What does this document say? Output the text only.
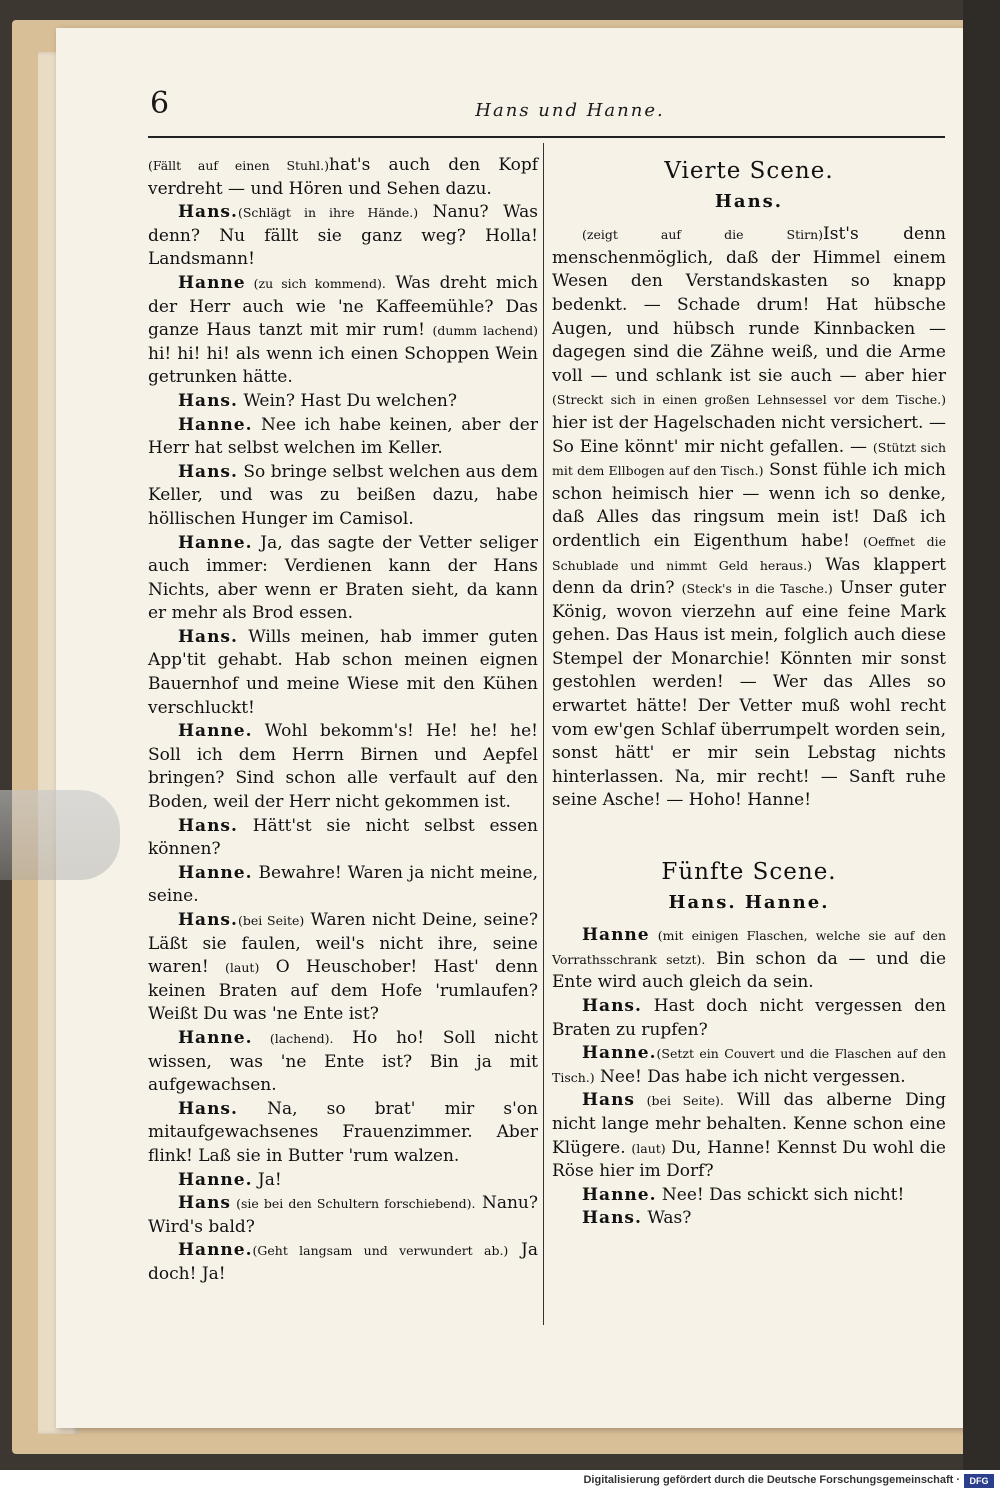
6	Hans und Hanne.

(Fällt auf einen Stuhl.)hat's auch den Kopf verdreht — und Hören und Sehen dazu.

Hans.(Schlägt in ihre Hände.) Nanu? Was denn? Nu fällt sie ganz weg? Holla! Landsmann!

Hanne (zu sich kommend). Was dreht mich der Herr auch wie 'ne Kaffeemühle? Das ganze Haus tanzt mit mir rum! (dumm lachend) hi! hi! hi! als wenn ich einen Schoppen Wein getrunken hätte.

Hans. Wein? Hast Du welchen?

Hanne. Nee ich habe keinen, aber der Herr hat selbst welchen im Keller.

Hans. So bringe selbst welchen aus dem Keller, und was zu beißen dazu, habe höllischen Hunger im Camisol.

Hanne. Ja, das sagte der Vetter seliger auch immer: Verdienen kann der Hans Nichts, aber wenn er Braten sieht, da kann er mehr als Brod essen.

Hans. Wills meinen, hab immer guten App'tit gehabt. Hab schon meinen eignen Bauernhof und meine Wiese mit den Kühen verschluckt!

Hanne. Wohl bekomm's! He! he! he! Soll ich dem Herrn Birnen und Aepfel bringen? Sind schon alle verfault auf den Boden, weil der Herr nicht gekommen ist.

Hans. Hätt'st sie nicht selbst essen können?

Hanne. Bewahre! Waren ja nicht meine, seine.

Hans.(bei Seite) Waren nicht Deine, seine? Läßt sie faulen, weil's nicht ihre, seine waren! (laut) O Heuschober! Hast' denn keinen Braten auf dem Hofe 'rumlaufen? Weißt Du was 'ne Ente ist?

Hanne. (lachend). Ho ho! Soll nicht wissen, was 'ne Ente ist? Bin ja mit aufgewachsen.

Hans. Na, so brat' mir s'on mitaufgewachsenes Frauenzimmer. Aber flink! Laß sie in Butter 'rum walzen.

Hanne. Ja!

Hans (sie bei den Schultern forschiebend). Nanu? Wird's bald?

Hanne.(Geht langsam und verwundert ab.) Ja doch! Ja!

Vierte Scene.
Hans.

(zeigt auf die Stirn)Ist's denn menschenmöglich, daß der Himmel einem Wesen den Verstandskasten so knapp bedenkt. — Schade drum! Hat hübsche Augen, und hübsch runde Kinnbacken — dagegen sind die Zähne weiß, und die Arme voll — und schlank ist sie auch — aber hier (Streckt sich in einen großen Lehnsessel vor dem Tische.) hier ist der Hagelschaden nicht versichert. — So Eine könnt' mir nicht gefallen. — (Stützt sich mit dem Ellbogen auf den Tisch.) Sonst fühle ich mich schon heimisch hier — wenn ich so denke, daß Alles das ringsum mein ist! Daß ich ordentlich ein Eigenthum habe! (Oeffnet die Schublade und nimmt Geld heraus.) Was klappert denn da drin? (Steck's in die Tasche.) Unser guter König, wovon vierzehn auf eine feine Mark gehen. Das Haus ist mein, folglich auch diese Stempel der Monarchie! Könnten mir sonst gestohlen werden! — Wer das Alles so erwartet hätte! Der Vetter muß wohl recht vom ew'gen Schlaf überrumpelt worden sein, sonst hätt' er mir sein Lebstag nichts hinterlassen. Na, mir recht! — Sanft ruhe seine Asche! — Hoho! Hanne!

Fünfte Scene.
Hans. Hanne.

Hanne (mit einigen Flaschen, welche sie auf den Vorrathsschrank setzt). Bin schon da — und die Ente wird auch gleich da sein.

Hans. Hast doch nicht vergessen den Braten zu rupfen?

Hanne.(Setzt ein Couvert und die Flaschen auf den Tisch.) Nee! Das habe ich nicht vergessen.

Hans (bei Seite). Will das alberne Ding nicht lange mehr behalten. Kenne schon eine Klügere. (laut) Du, Hanne! Kennst Du wohl die Röse hier im Dorf?

Hanne. Nee! Das schickt sich nicht!

Hans. Was?

Digitalisierung gefördert durch die Deutsche Forschungsgemeinschaft ·	DFG
